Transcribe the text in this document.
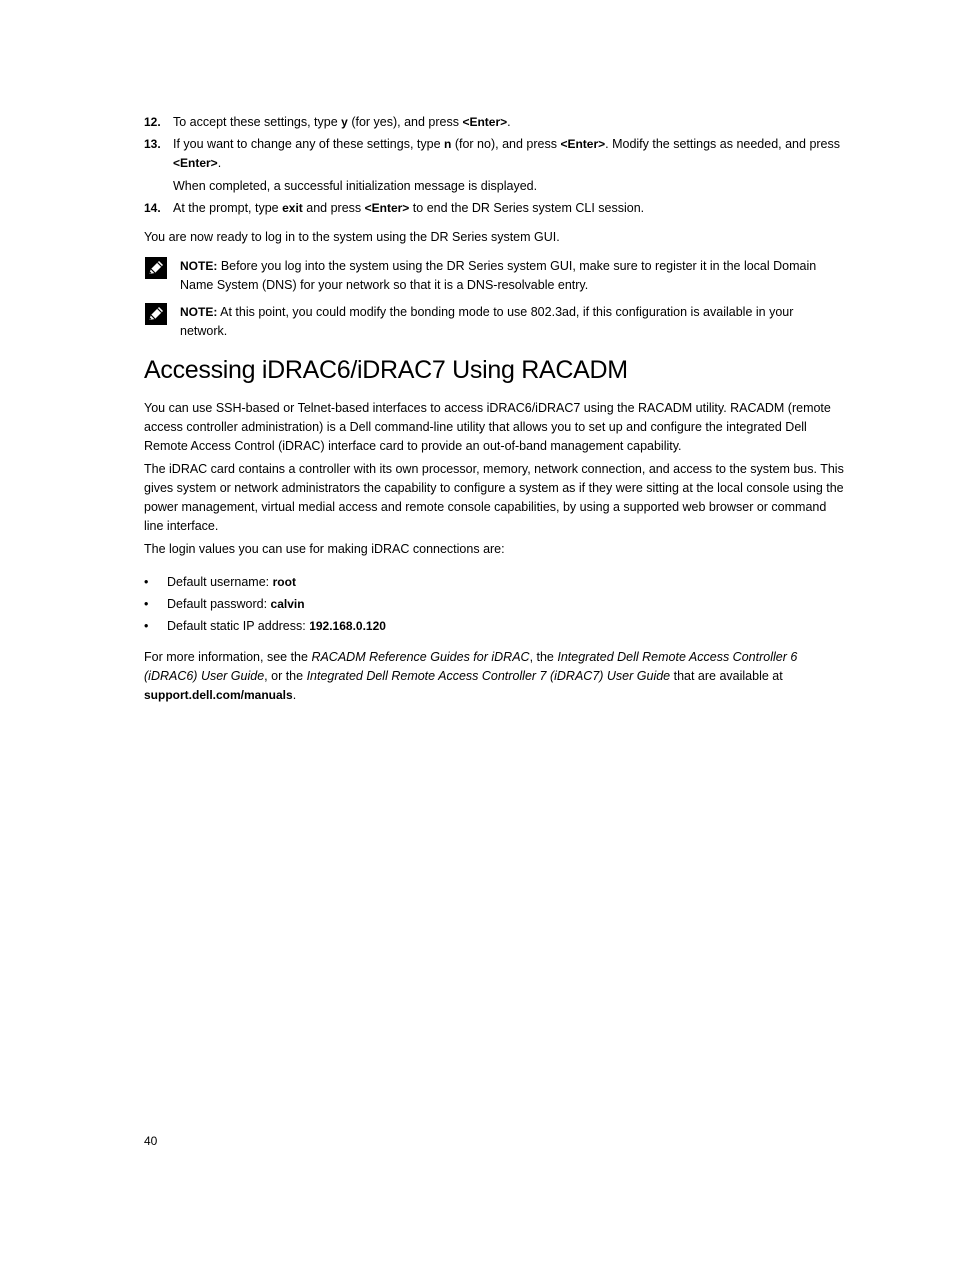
12. To accept these settings, type y (for yes), and press <Enter>.
13. If you want to change any of these settings, type n (for no), and press <Enter>. Modify the settings as needed, and press <Enter>.
When completed, a successful initialization message is displayed.
14. At the prompt, type exit and press <Enter> to end the DR Series system CLI session.

You are now ready to log in to the system using the DR Series system GUI.

NOTE: Before you log into the system using the DR Series system GUI, make sure to register it in the local Domain Name System (DNS) for your network so that it is a DNS-resolvable entry.
NOTE: At this point, you could modify the bonding mode to use 802.3ad, if this configuration is available in your network.
Accessing iDRAC6/iDRAC7 Using RACADM

You can use SSH-based or Telnet-based interfaces to access iDRAC6/iDRAC7 using the RACADM utility. RACADM (remote access controller administration) is a Dell command-line utility that allows you to set up and configure the integrated Dell Remote Access Control (iDRAC) interface card to provide an out-of-band management capability.

The iDRAC card contains a controller with its own processor, memory, network connection, and access to the system bus. This gives system or network administrators the capability to configure a system as if they were sitting at the local console using the power management, virtual medial access and remote console capabilities, by using a supported web browser or command line interface.

The login values you can use for making iDRAC connections are:

• Default username: root
• Default password: calvin
• Default static IP address: 192.168.0.120

For more information, see the RACADM Reference Guides for iDRAC, the Integrated Dell Remote Access Controller 6 (iDRAC6) User Guide, or the Integrated Dell Remote Access Controller 7 (iDRAC7) User Guide that are available at support.dell.com/manuals.

40
